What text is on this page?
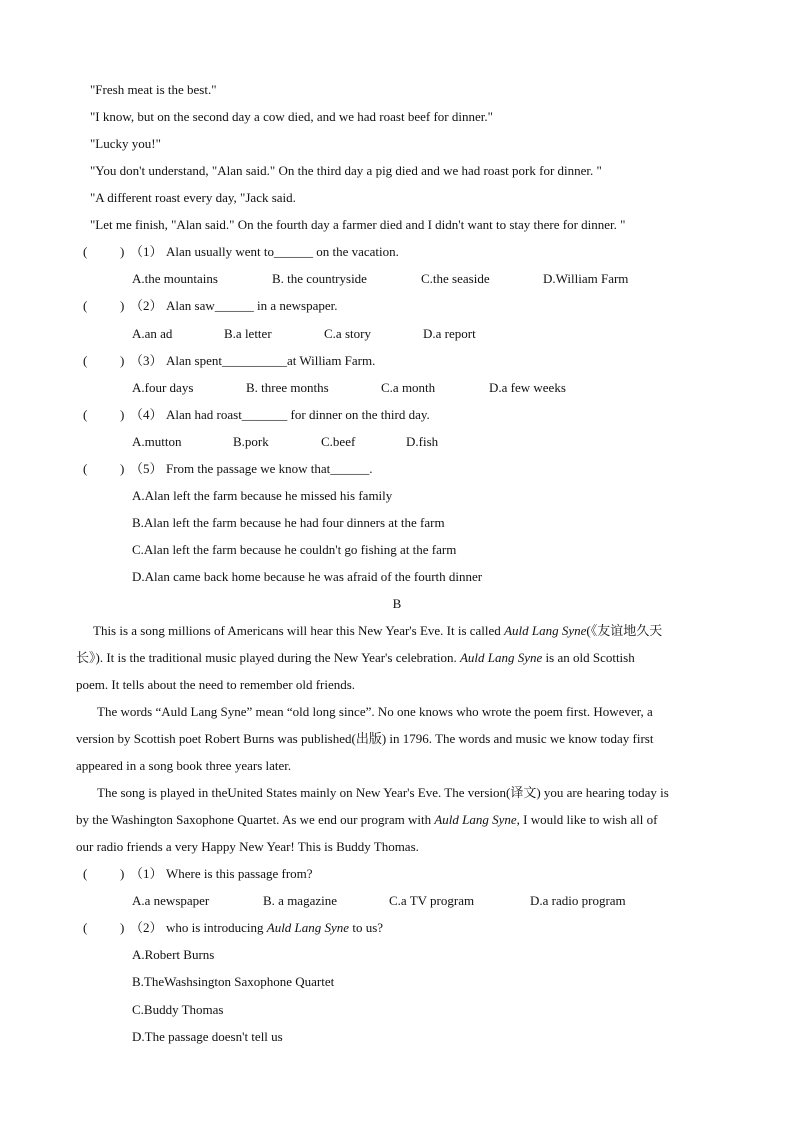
"Fresh meat is the best."
"I know, but on the second day a cow died, and we had roast beef for dinner."
"Lucky you!"
"You don't understand, "Alan said." On the third day a pig died and we had roast pork for dinner. "
"A different roast every day, "Jack said.
"Let me finish, "Alan said." On the fourth day a farmer died and I didn't want to stay there for dinner. "
(	) （1） Alan usually went to______ on the vacation.
A.the mountains	B. the countryside	C.the seaside	D.William Farm
(	) （2） Alan saw______ in a newspaper.
A.an ad	B.a letter	C.a story	D.a report
(	) （3） Alan spent__________at William Farm.
A.four days	B. three months	C.a month	D.a few weeks
(	) （4） Alan had roast_______ for dinner on the third day.
A.mutton	B.pork	C.beef	D.fish
(	) （5） From the passage we know that______.
A.Alan left the farm because he missed his family
B.Alan left the farm because he had four dinners at the farm
C.Alan left the farm because he couldn't go fishing at the farm
D.Alan came back home because he was afraid of the fourth dinner
B
This is a song millions of Americans will hear this New Year's Eve. It is called Auld Lang Syne(《友谊地久天
长》). It is the traditional music played during the New Year's celebration. Auld Lang Syne is an old Scottish
poem. It tells about the need to remember old friends.
The words “Auld Lang Syne” mean “old long since”. No one knows who wrote the poem first. However, a
version by Scottish poet Robert Burns was published(出版) in 1796. The words and music we know today first
appeared in a song book three years later.
The song is played in theUnited States mainly on New Year's Eve. The version(译文) you are hearing today is
by the Washington Saxophone Quartet. As we end our program with Auld Lang Syne, I would like to wish all of
our radio friends a very Happy New Year! This is Buddy Thomas.
(	) （1） Where is this passage from?
A.a newspaper	B. a magazine	C.a TV program	D.a radio program
(	) （2） who is introducing Auld Lang Syne to us?
A.Robert Burns
B.TheWashsington Saxophone Quartet
C.Buddy Thomas
D.The passage doesn't tell us
